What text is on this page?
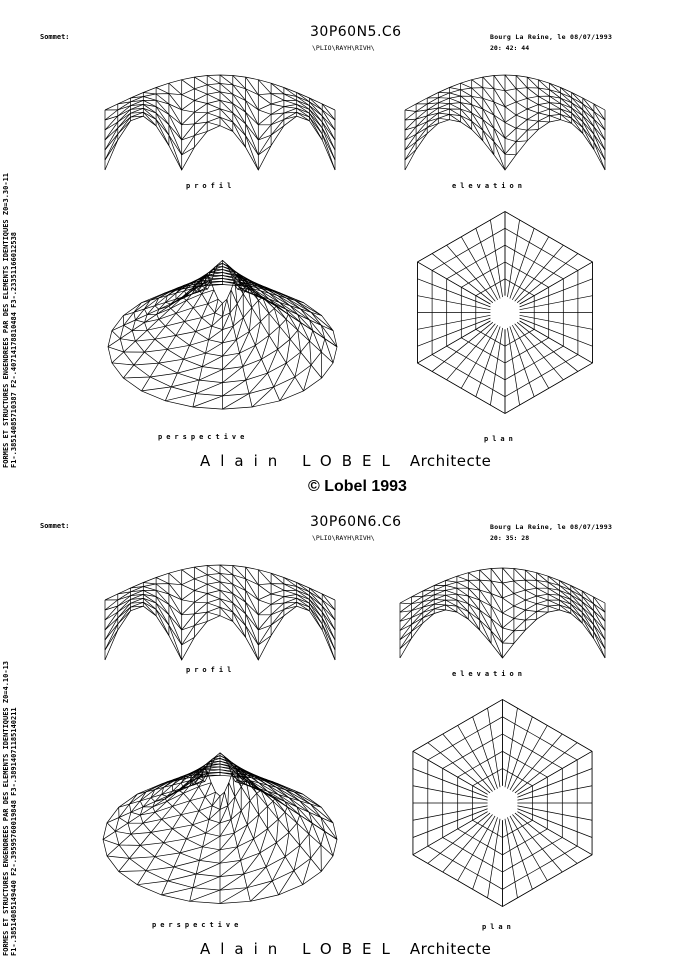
Sommet:	30P60N5.C6
\PLIO\RAYH\RIVH\
Bourg La Reine, le 08/07/1993
20: 42: 44
FORMES ET STRUCTURES ENGENDREES PAR DES ELEMENTS IDENTIQUES Z0=3.30-11 F1-.38514085710387 F2-.40714178810484 F3-.23351166012538
profil	elevation
perspective	plan
Alain LOBEL Architecte
© Lobel 1993
Sommet:	30P60N6.C6
\PLIO\RAYH\RIVH\
Bourg La Reine, le 08/07/1993
20: 35: 28
FORMES ET STRUCTURES ENGENDREES PAR DES ELEMENTS IDENTIQUES Z0=4.10-13 F1-.38514085149440 F2-.39595760019848 F3-.38914071185140211
profil	elevation
perspective	plan
Alain LOBEL Architecte
